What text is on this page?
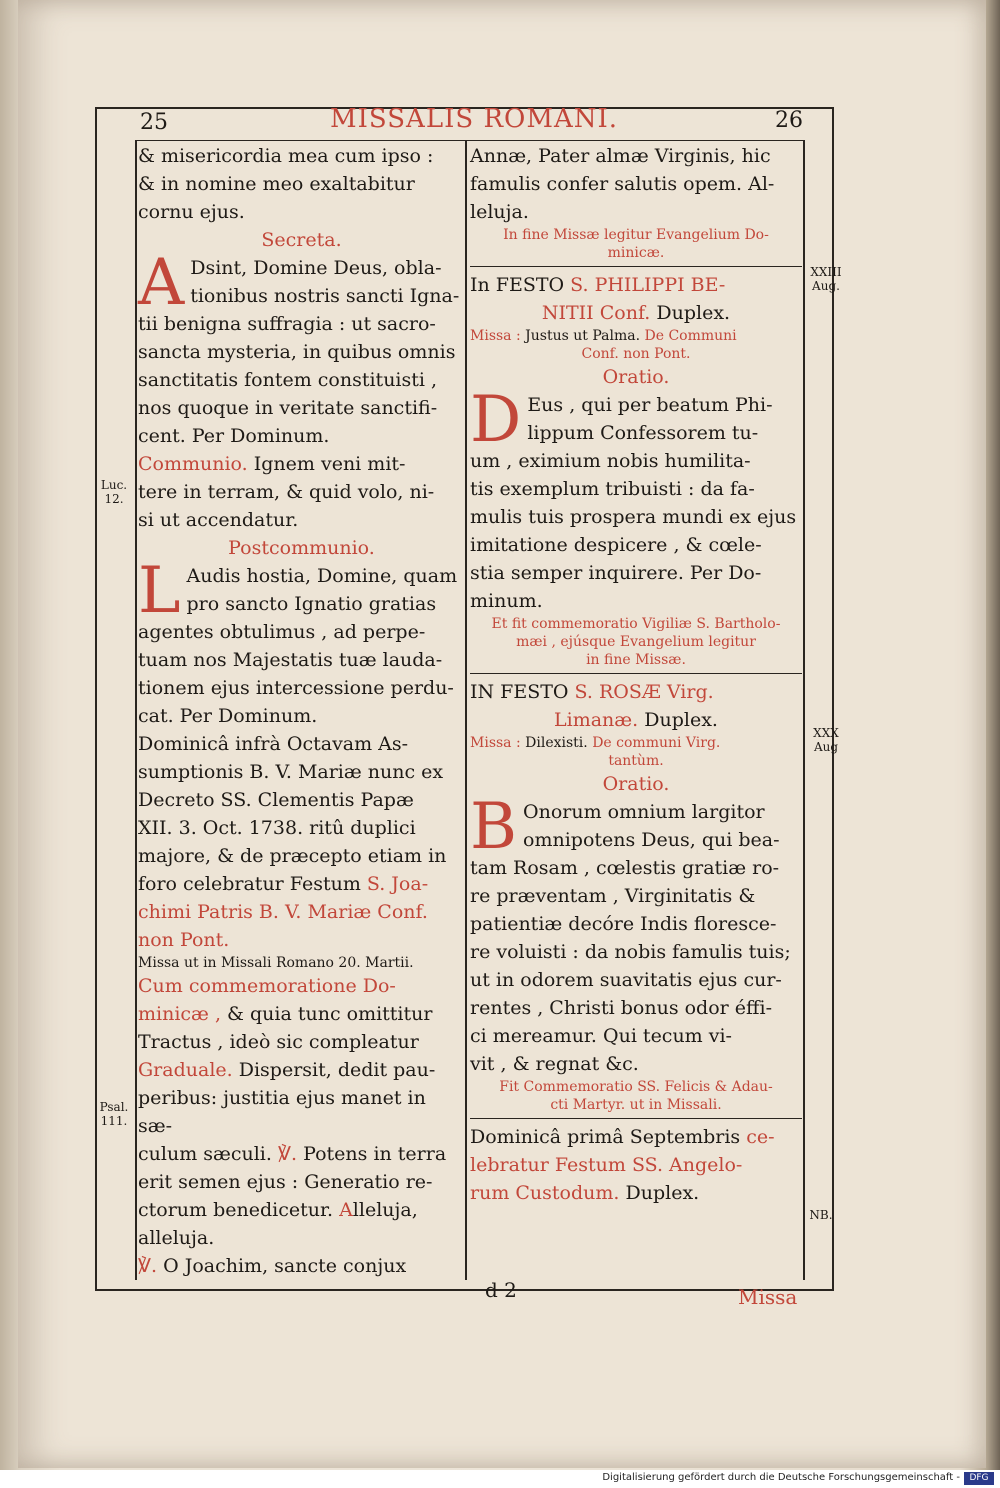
25	MISSALIS ROMANI.	26

& misericordia mea cum ipso :

& in nomine meo exaltabitur

cornu ejus.

Secreta.

A Dsint, Domine Deus, obla-

tionibus nostris sancti Igna-

tii benigna suffragia : ut sacro-

sancta mysteria, in quibus omnis

sanctitatis fontem constituisti ,

nos quoque in veritate sanctifi-

cent. Per Dominum.

Communio. Ignem veni mit-

tere in terram, & quid volo, ni-

si ut accendatur.

Postcommunio.

L Audis hostia, Domine, quam

pro sancto Ignatio gratias

agentes obtulimus , ad perpe-

tuam nos Majestatis tuæ lauda-

tionem ejus intercessione perdu-

cat. Per Dominum.

Dominicâ infrà Octavam As-

sumptionis B. V. Mariæ nunc ex

Decreto SS. Clementis Papæ

XII. 3. Oct. 1738. ritû duplici

majore, & de præcepto etiam in

foro celebratur Festum S. Joa-

chimi Patris B. V. Mariæ Conf.

non Pont.

Missa ut in Missali Romano 20. Martii.

Cum commemoratione Do-

minicæ , & quia tunc omittitur

Tractus , ideò sic compleatur

Graduale. Dispersit, dedit pau-

peribus: justitia ejus manet in sæ-

culum sæculi. ℣. Potens in terra

erit semen ejus : Generatio re-

ctorum benedicetur. Alleluja,

alleluja.

℣. O Joachim, sancte conjux

Annæ, Pater almæ Virginis, hic

famulis confer salutis opem. Al-

leluja.

In fine Missæ legitur Evangelium Do-

minicæ.

In FESTO S. PHILIPPI BE-

NITII Conf. Duplex.

Missa : Justus ut Palma. De Communi

Conf. non Pont.

Oratio.

D Eus , qui per beatum Phi-

lippum Confessorem tu-

um , eximium nobis humilita-

tis exemplum tribuisti : da fa-

mulis tuis prospera mundi ex ejus

imitatione despicere , & cœle-

stia semper inquirere. Per Do-

minum.

Et fit commemoratio Vigiliæ S. Bartholo-

mæi , ejúsque Evangelium legitur

in fine Missæ.

IN FESTO S. ROSÆ Virg.

Limanæ. Duplex.

Missa : Dilexisti. De communi Virg.

tantùm.

Oratio.

B Onorum omnium largitor

omnipotens Deus, qui bea-

tam Rosam , cœlestis gratiæ ro-

re præventam , Virginitatis &

patientiæ decóre Indis floresce-

re voluisti : da nobis famulis tuis;

ut in odorem suavitatis ejus cur-

rentes , Christi bonus odor éffi-

ci mereamur. Qui tecum vi-

vit , & regnat &c.

Fit Commemoratio SS. Felicis & Adau-

cti Martyr. ut in Missali.

Dominicâ primâ Septembris ce-

lebratur Festum SS. Angelo-

rum Custodum. Duplex.

Luc.
12.
Psal.
111.
XXIII
Aug.
XXX
Aug
NB.
d 2	Missa
Digitalisierung gefördert durch die Deutsche Forschungsgemeinschaft -	DFG
